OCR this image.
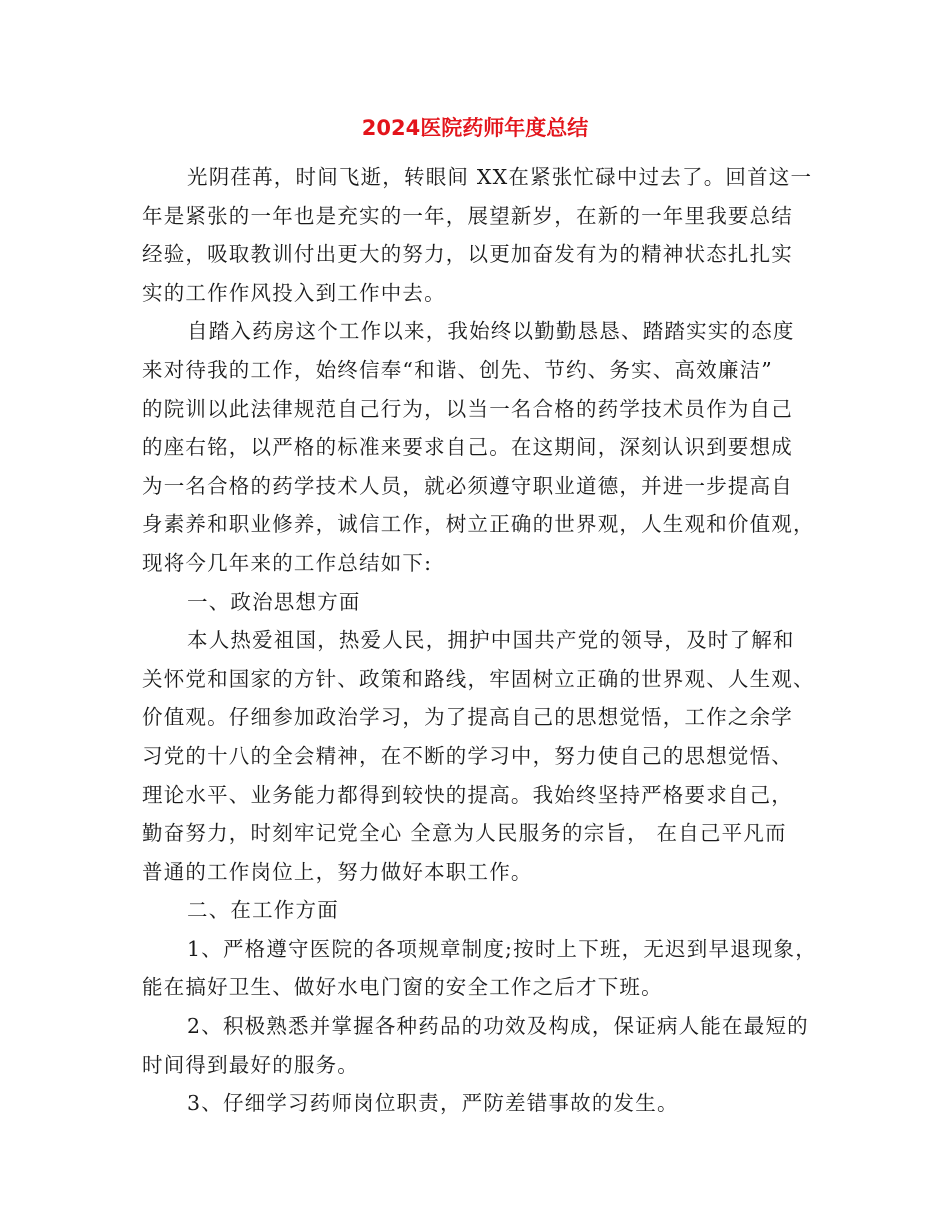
2024医院药师年度总结
光阴荏苒，时间飞逝，转眼间 XX在紧张忙碌中过去了。回首这一
年是紧张的一年也是充实的一年，展望新岁，在新的一年里我要总结
经验，吸取教训付出更大的努力，以更加奋发有为的精神状态扎扎实
实的工作作风投入到工作中去。
自踏入药房这个工作以来，我始终以勤勤恳恳、踏踏实实的态度
来对待我的工作，始终信奉“和谐、创先、节约、务实、高效廉洁”
的院训以此法律规范自己行为，以当一名合格的药学技术员作为自己
的座右铭，以严格的标准来要求自己。在这期间，深刻认识到要想成
为一名合格的药学技术人员，就必须遵守职业道德，并进一步提高自
身素养和职业修养，诚信工作，树立正确的世界观，人生观和价值观，
现将今几年来的工作总结如下:
一、政治思想方面
本人热爱祖国，热爱人民，拥护中国共产党的领导，及时了解和
关怀党和国家的方针、政策和路线，牢固树立正确的世界观、人生观、
价值观。仔细参加政治学习，为了提高自己的思想觉悟，工作之余学
习党的十八的全会精神，在不断的学习中，努力使自己的思想觉悟、
理论水平、业务能力都得到较快的提高。我始终坚持严格要求自己，
勤奋努力，时刻牢记党全心 全意为人民服务的宗旨， 在自己平凡而
普通的工作岗位上，努力做好本职工作。
二、在工作方面
1、严格遵守医院的各项规章制度;按时上下班，无迟到早退现象，
能在搞好卫生、做好水电门窗的安全工作之后才下班。
2、积极熟悉并掌握各种药品的功效及构成，保证病人能在最短的
时间得到最好的服务。
3、仔细学习药师岗位职责，严防差错事故的发生。
